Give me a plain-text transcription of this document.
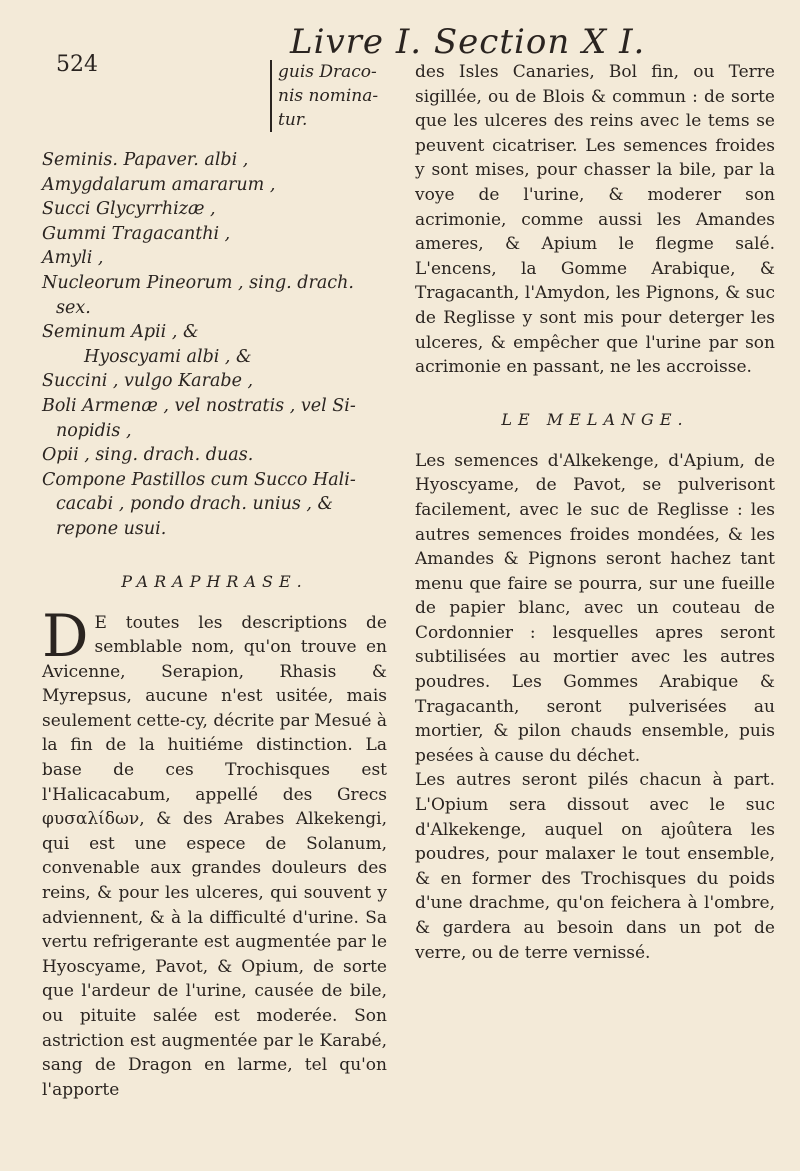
524
Livre I. Section X I.
guis Draco-
nis nomina-
tur.
Seminis. Papaver. albi ,
Amygdalarum amararum ,
Succi Glycyrrhizæ ,
Gummi Tragacanthi ,
Amyli ,
Nucleorum Pineorum , sing. drach.
sex.
Seminum Apii , &
Hyoscyami albi , &
Succini , vulgo Karabe ,
Boli Armenæ , vel nostratis , vel Si-
nopidis ,
Opii , sing. drach. duas.
Compone Pastillos cum Succo Hali-
cacabi , pondo drach. unius , &
repone usui.
PARAPHRASE.
D E toutes les descriptions de semblable nom, qu'on trouve en Avicenne, Serapion, Rhasis & Myrepsus, aucune n'est usitée, mais seulement cette-cy, décrite par Mesué à la fin de la huitiéme distinction. La base de ces Trochisques est l'Halicacabum, appellé des Grecs φυσαλίδων, & des Arabes Alkekengi, qui est une espece de Solanum, convenable aux grandes douleurs des reins, & pour les ulceres, qui souvent y adviennent, & à la difficulté d'urine. Sa vertu refrigerante est augmentée par le Hyoscyame, Pavot, & Opium, de sorte que l'ardeur de l'urine, causée de bile, ou pituite salée est moderée. Son astriction est augmentée par le Karabé, sang de Dragon en larme, tel qu'on l'apporte

des Isles Canaries, Bol fin, ou Terre sigillée, ou de Blois & commun : de sorte que les ulceres des reins avec le tems se peuvent cicatriser. Les semences froides y sont mises, pour chasser la bile, par la voye de l'urine, & moderer son acrimonie, comme aussi les Amandes ameres, & Apium le flegme salé. L'encens, la Gomme Arabique, & Tragacanth, l'Amydon, les Pignons, & suc de Reglisse y sont mis pour deterger les ulceres, & empêcher que l'urine par son acrimonie en passant, ne les accroisse.

LE MELANGE.

Les semences d'Alkekenge, d'Apium, de Hyoscyame, de Pavot, se pulverisont facilement, avec le suc de Reglisse : les autres semences froides mondées, & les Amandes & Pignons seront hachez tant menu que faire se pourra, sur une fueille de papier blanc, avec un couteau de Cordonnier : lesquelles apres seront subtilisées au mortier avec les autres poudres. Les Gommes Arabique & Tragacanth, seront pulverisées au mortier, & pilon chauds ensemble, puis pesées à cause du déchet.

Les autres seront pilés chacun à part. L'Opium sera dissout avec le suc d'Alkekenge, auquel on ajoûtera les poudres, pour malaxer le tout ensemble, & en former des Trochisques du poids d'une drachme, qu'on feichera à l'ombre, & gardera au besoin dans un pot de verre, ou de terre vernissé.
